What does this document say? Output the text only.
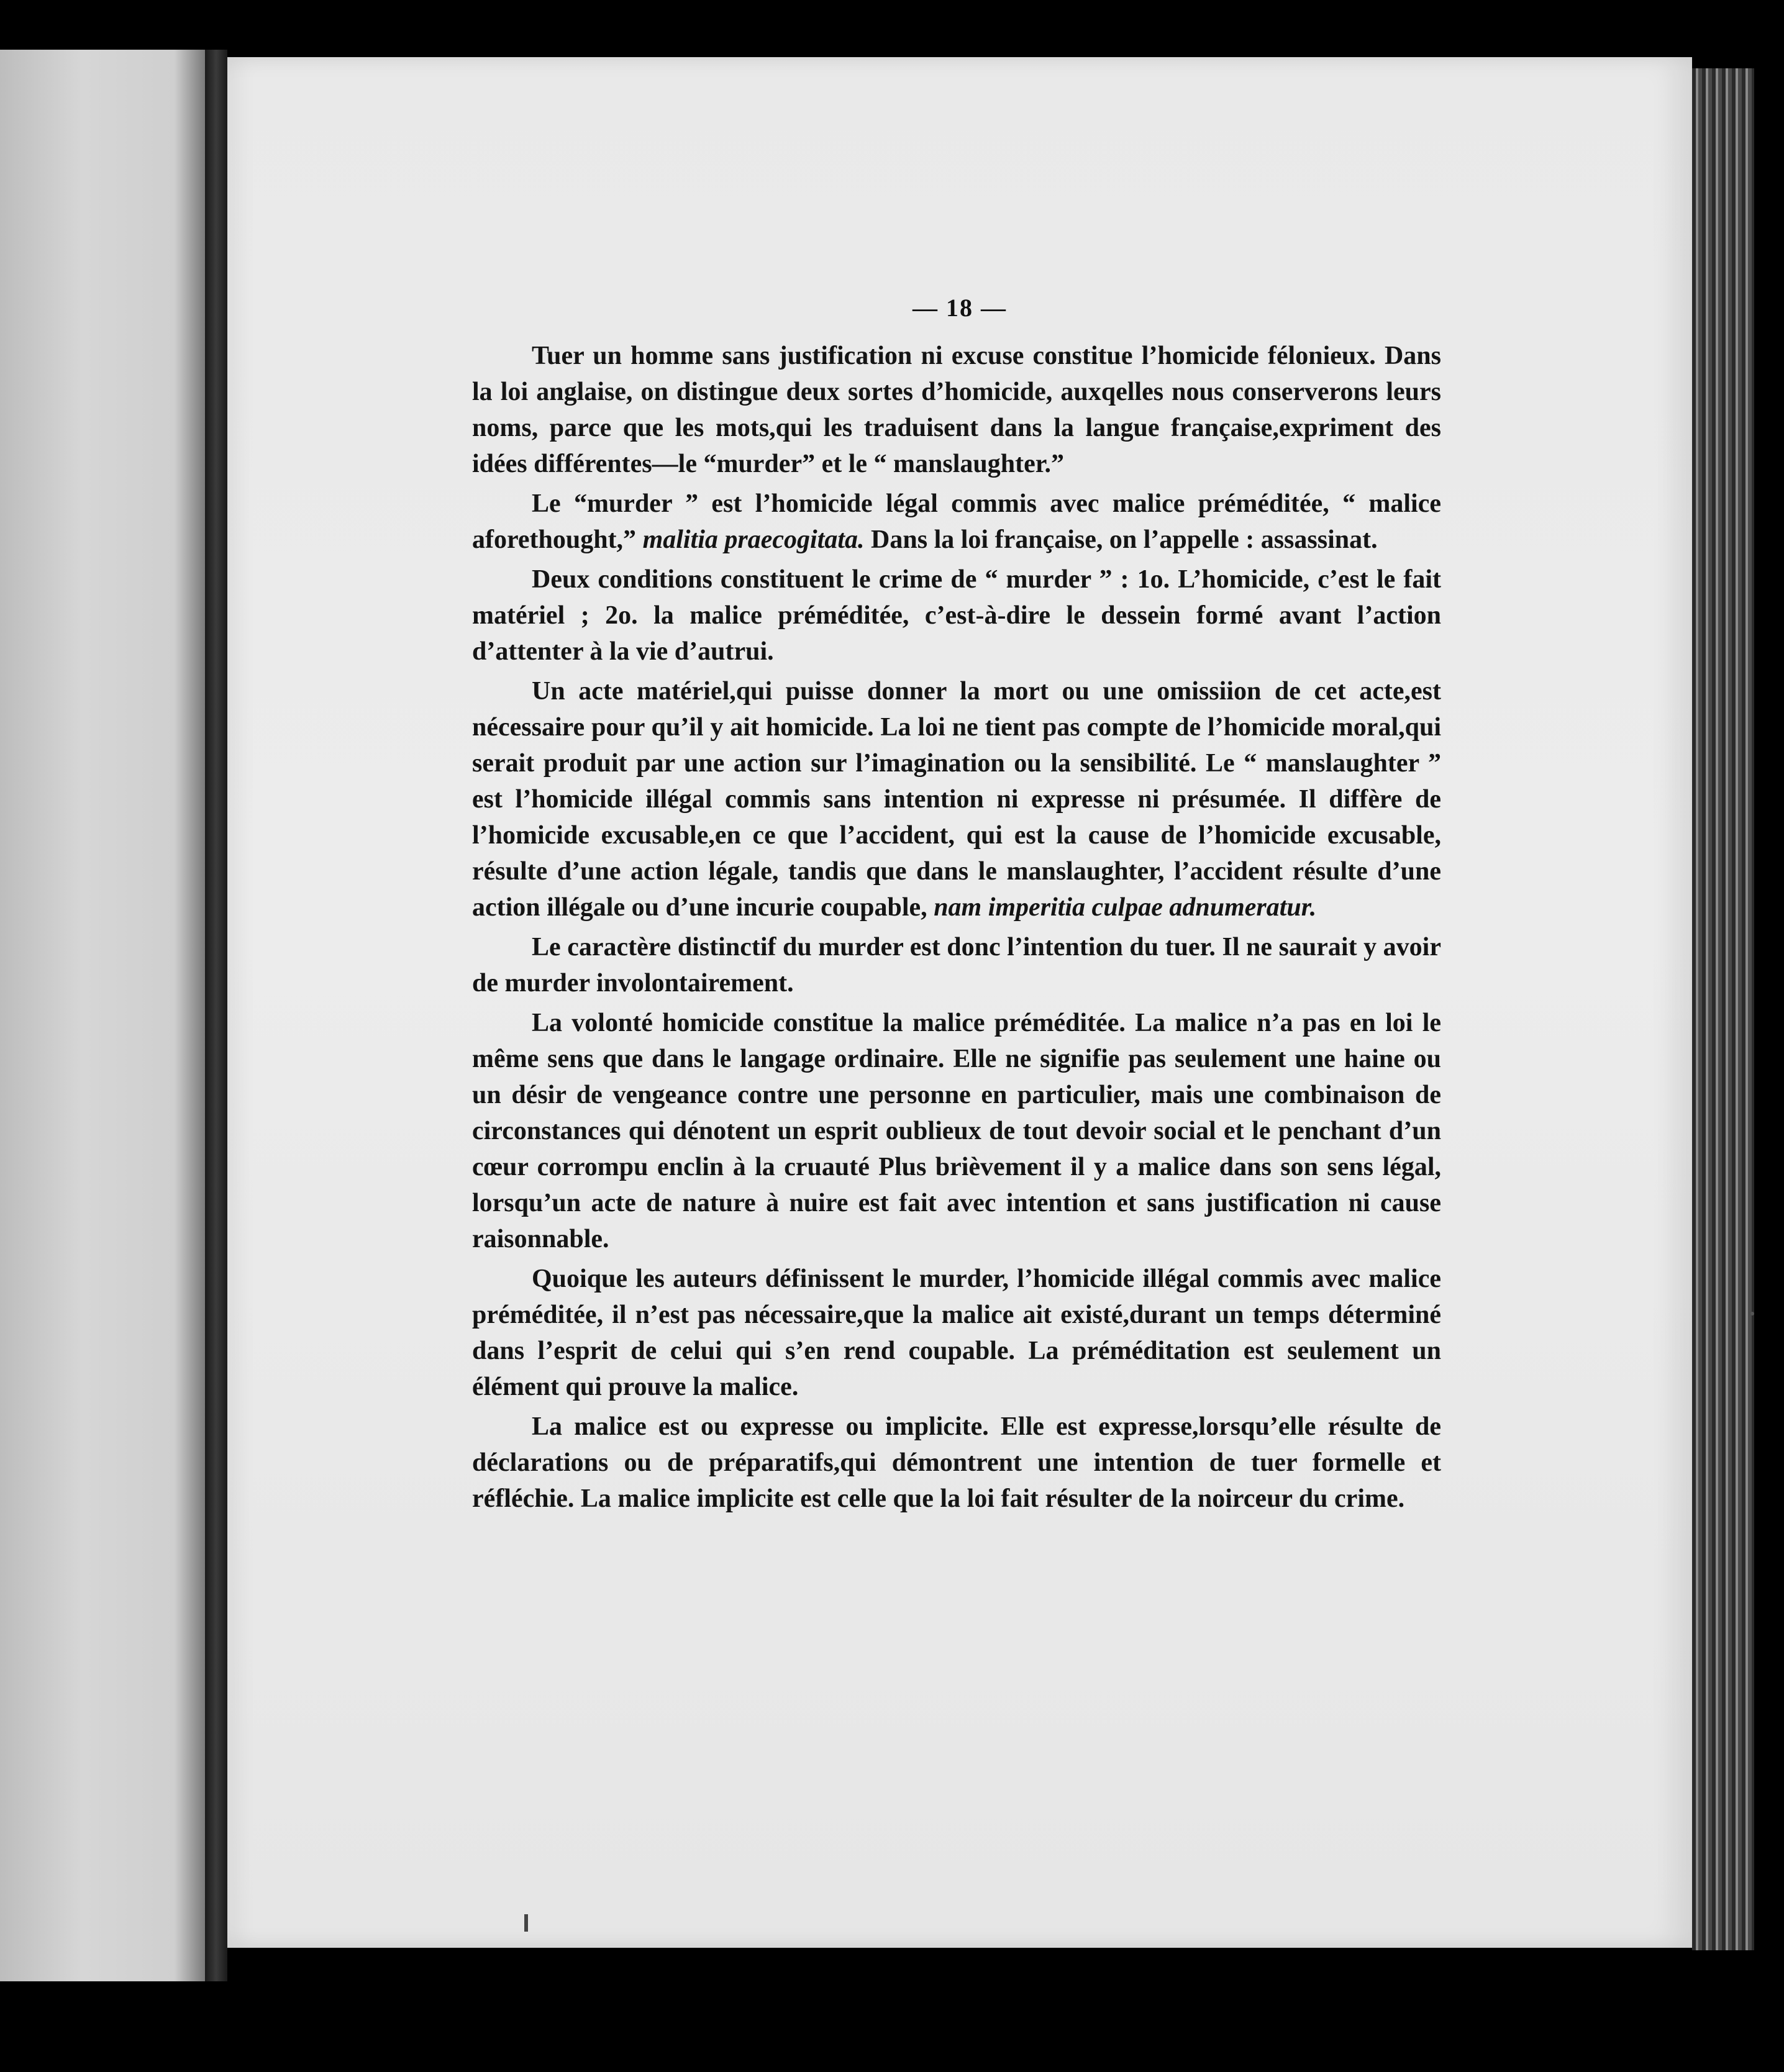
— 18 —

Tuer un homme sans justification ni excuse constitue l’homicide félonieux. Dans la loi anglaise, on distingue deux sortes d’homicide, auxqelles nous conserverons leurs noms, parce que les mots,qui les traduisent dans la langue française,expriment des idées différentes—le “murder” et le “ manslaughter.”

Le “murder ” est l’homicide légal commis avec malice préméditée, “ malice aforethought,” malitia praecogitata. Dans la loi française, on l’appelle : assassinat.

Deux conditions constituent le crime de “ murder ” : 1o. L’homicide, c’est le fait matériel ; 2o. la malice préméditée, c’est-à-dire le dessein formé avant l’action d’attenter à la vie d’autrui.

Un acte matériel,qui puisse donner la mort ou une omissiion de cet acte,est nécessaire pour qu’il y ait homicide. La loi ne tient pas compte de l’homicide moral,qui serait produit par une action sur l’imagination ou la sensibilité. Le “ manslaughter ” est l’homicide illégal commis sans intention ni expresse ni présumée. Il diffère de l’homicide excusable,en ce que l’accident, qui est la cause de l’homicide excusable, résulte d’une action légale, tandis que dans le manslaughter, l’accident résulte d’une action illégale ou d’une incurie coupable, nam imperitia culpae adnumeratur.

Le caractère distinctif du murder est donc l’intention du tuer. Il ne saurait y avoir de murder involontairement.

La volonté homicide constitue la malice préméditée. La malice n’a pas en loi le même sens que dans le langage ordinaire. Elle ne signifie pas seulement une haine ou un désir de vengeance contre une personne en particulier, mais une combinaison de circonstances qui dénotent un esprit oublieux de tout devoir social et le penchant d’un cœur corrompu enclin à la cruauté Plus brièvement il y a malice dans son sens légal, lorsqu’un acte de nature à nuire est fait avec intention et sans justification ni cause raisonnable.

Quoique les auteurs définissent le murder, l’homicide illégal commis avec malice préméditée, il n’est pas nécessaire,que la malice ait existé,durant un temps déterminé dans l’esprit de celui qui s’en rend coupable. La préméditation est seulement un élément qui prouve la malice.

La malice est ou expresse ou implicite. Elle est expresse,lorsqu’elle résulte de déclarations ou de préparatifs,qui démontrent une intention de tuer formelle et réfléchie. La malice implicite est celle que la loi fait résulter de la noirceur du crime.
